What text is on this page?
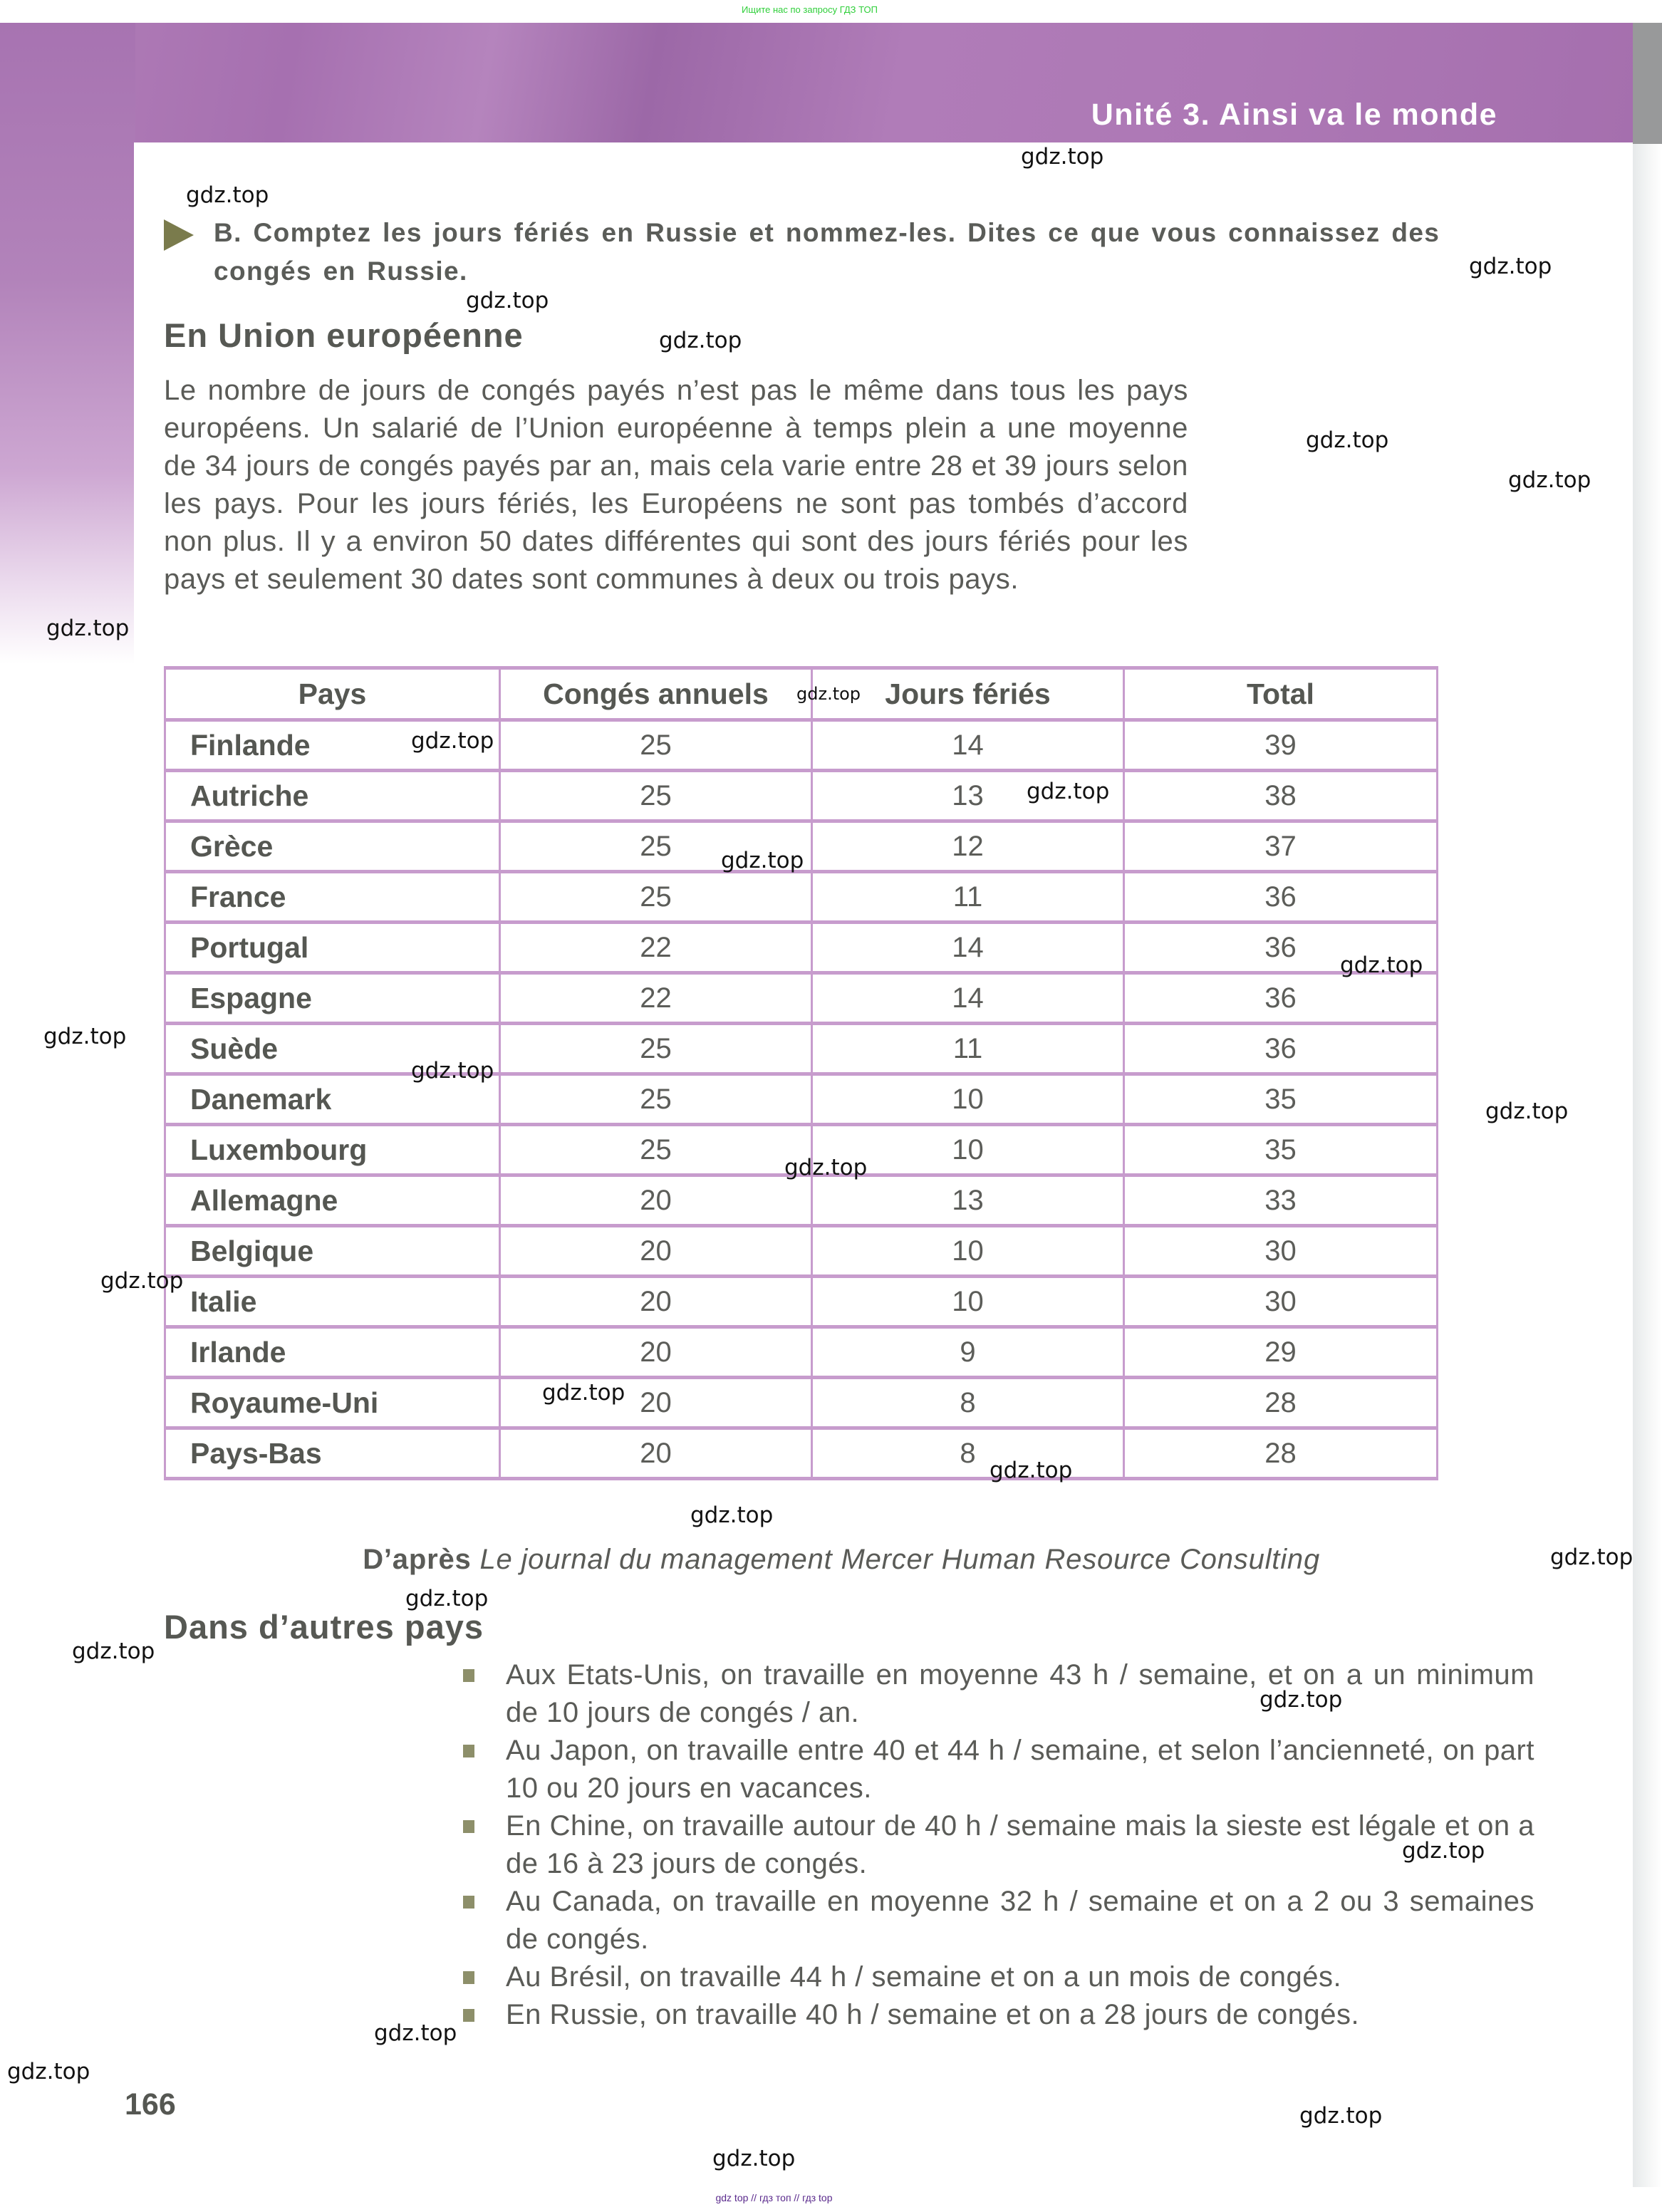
Ищите нас по запросу ГДЗ ТОП
Unité 3. Ainsi va le monde
B. Comptez les jours fériés en Russie et nommez-les. Dites ce que vous connaissez des congés en Russie.
En Union européenne
Le nombre de jours de congés payés n’est pas le même dans tous les pays européens. Un salarié de l’Union européenne à temps plein a une moyenne de 34 jours de congés payés par an, mais cela varie entre 28 et 39 jours selon les pays. Pour les jours fériés, les Européens ne sont pas tombés d’accord non plus. Il y a environ 50 dates différentes qui sont des jours fériés pour les pays et seulement 30 dates sont communes à deux ou trois pays.
Pays	Congés annuels	Jours fériés	Total
Finlande	25	14	39
Autriche	25	13	38
Grèce	25	12	37
France	25	11	36
Portugal	22	14	36
Espagne	22	14	36
Suède	25	11	36
Danemark	25	10	35
Luxembourg	25	10	35
Allemagne	20	13	33
Belgique	20	10	30
Italie	20	10	30
Irlande	20	9	29
Royaume-Uni	20	8	28
Pays-Bas	20	8	28
D’après Le journal du management Mercer Human Resource Consulting
Dans d’autres pays
Aux Etats-Unis, on travaille en moyenne 43 h / semaine, et on a un minimum de 10 jours de congés / an.
Au Japon, on travaille entre 40 et 44 h / semaine, et selon l’ancienneté, on part 10 ou 20 jours en vacances.
En Chine, on travaille autour de 40 h / semaine mais la sieste est légale et on a de 16 à 23 jours de congés.
Au Canada, on travaille en moyenne 32 h / semaine et on a 2 ou 3 semaines de congés.
Au Brésil, on travaille 44 h / semaine et on a un mois de congés.
En Russie, on travaille 40 h / semaine et on a 28 jours de congés.
166
gdz.top
gdz.top
gdz.top
gdz.top
gdz.top
gdz.top
gdz.top
gdz.top
gdz.top
gdz.top
gdz.top
gdz.top
gdz.top
gdz.top
gdz.top
gdz.top
gdz.top
gdz.top
gdz.top
gdz.top
gdz.top
gdz.top
gdz.top
gdz.top
gdz.top
gdz.top
gdz.top
gdz.top
gdz.top
gdz.top
gdz top // гдз топ // гдз top
